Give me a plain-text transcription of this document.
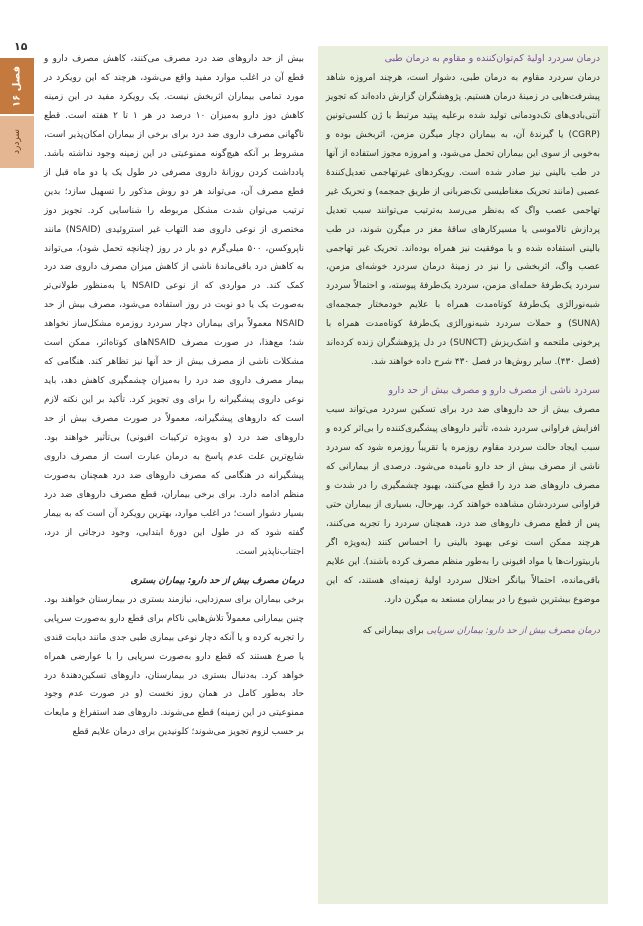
۱۵
فصل ۱۶
سردرد

بیش از حد داروهای ضد درد مصرف می‌کنند، کاهش مصرف دارو و قطع آن در اغلب موارد مفید واقع می‌شود، هرچند که این رویکرد در مورد تمامی بیماران اثربخش نیست. یک رویکرد مفید در این زمینه کاهش دوز دارو به‌میزان ۱۰ درصد در هر ۱ تا ۲ هفته است. قطع ناگهانی مصرف داروی ضد درد برای برخی از بیماران امکان‌پذیر است، مشروط بر آنکه هیچ‌گونه ممنوعیتی در این زمینه وجود نداشته باشد. پادداشت کردن روزانهٔ داروی مصرفی در طول یک یا دو ماه قبل از قطع مصرف آن، می‌تواند هر دو روش مذکور را تسهیل سازد؛ بدین ترتیب می‌توان شدت مشکل مربوطه را شناسایی کرد. تجویز دوز مختصری از نوعی داروی ضد التهاب غیر استروئیدی (NSAID) مانند ناپروکسن، ۵۰۰ میلی‌گرم دو بار در روز (چنانچه تحمل شود)، می‌تواند به کاهش درد باقی‌ماندهٔ ناشی از کاهش میزان مصرف داروی ضد درد کمک کند. در مواردی که از نوعی NSAID یا به‌منظور طولانی‌تر به‌صورت یک یا دو نوبت در روز استفاده می‌شود، مصرف بیش از حد NSAID معمولاً برای بیماران دچار سردرد روزمره مشکل‌ساز نخواهد شد؛ مع‌هذا، در صورت مصرف NSAIDهای کوتاه‌اثر، ممکن است مشکلات ناشی از مصرف بیش از حد آنها نیز تظاهر کند. هنگامی که بیمار مصرف داروی ضد درد را به‌میزان چشمگیری کاهش دهد، باید نوعی داروی پیشگیرانه را برای وی تجویز کرد. تأکید بر این نکته لازم است که داروهای پیشگیرانه، معمولاً در صورت مصرف بیش از حد داروهای ضد درد (و به‌ویژه ترکیبات افیونی) بی‌تأثیر خواهند بود. شایع‌ترین علت عدم پاسخ به درمان عبارت است از مصرف داروی پیشگیرانه در هنگامی که مصرف داروهای ضد درد همچنان به‌صورت منظم ادامه دارد. برای برخی بیماران، قطع مصرف داروهای ضد درد بسیار دشوار است؛ در اغلب موارد، بهترین رویکرد آن است که به بیمار گفته شود که در طول این دورهٔ ابتدایی، وجود درجاتی از درد، اجتناب‌ناپذیر است.

درمان مصرف بیش از حد دارو: بیماران بستری

برخی بیماران برای سم‌زدایی، نیازمند بستری در بیمارستان خواهند بود. چنین بیمارانی معمولاً تلاش‌هایی ناکام برای قطع دارو به‌صورت سرپایی را تجربه کرده و یا آنکه دچار نوعی بیماری طبی جدی مانند دیابت قندی یا صرع هستند که قطع دارو به‌صورت سرپایی را با عوارضی همراه خواهد کرد. به‌دنبال بستری در بیمارستان، داروهای تسکین‌دهندهٔ درد حاد به‌طور کامل در همان روز نخست (و در صورت عدم وجود ممنوعیتی در این زمینه) قطع می‌شوند. داروهای ضد استفراغ و مایعات بر حسب لزوم تجویز می‌شوند؛ کلونیدین برای درمان علایم قطع

درمان سردرد اولیهٔ کم‌توان‌کننده و مقاوم به درمان طبی

درمان سردرد مقاوم به درمان طبی، دشوار است، هرچند امروزه شاهد پیشرفت‌هایی در زمینهٔ درمان هستیم. پژوهشگران گزارش داده‌اند که تجویز آنتی‌بادی‌های تک‌دودمانی تولید شده برعلیه پپتید مرتبط با ژن کلسی‌تونین (CGRP) یا گیرندهٔ آن، به بیماران دچار میگرن مزمن، اثربخش بوده و به‌خوبی از سوی این بیماران تحمل می‌شود، و امروزه مجوز استفاده از آنها در طب بالینی نیز صادر شده است. رویکردهای غیرتهاجمی تعدیل‌کنندهٔ عصبی (مانند تحریک مغناطیسی تک‌ضربانی از طریق جمجمه) و تحریک غیر تهاجمی عصب واگ که به‌نظر می‌رسد به‌ترتیب می‌توانند سبب تعدیل پردازش تالاموسی یا مسیرکارهای ساقهٔ مغز در میگرن شوند، در طب بالینی استفاده شده و با موفقیت نیز همراه بوده‌اند. تحریک غیر تهاجمی عصب واگ، اثربخشی را نیز در زمینهٔ درمان سردرد خوشه‌ای مزمن، سردرد یک‌طرفهٔ حمله‌ای مزمن، سردرد یک‌طرفهٔ پیوسته، و احتمالاً سردرد شبه‌نورالژی یک‌طرفهٔ کوتاه‌مدت همراه با علایم خودمختار جمجمه‌ای (SUNA) و حملات سردرد شبه‌نورالژی یک‌طرفهٔ کوتاه‌مدت همراه با پرخونی ملتحمه و اشک‌ریزش (SUNCT) در دل پژوهشگران زنده کرده‌اند (فصل ۴۳۰). سایر روش‌ها در فصل ۴۳۰ شرح داده خواهند شد.

سردرد ناشی از مصرف دارو و مصرف بیش از حد دارو

مصرف بیش از حد داروهای ضد درد برای تسکین سردرد می‌تواند سبب افزایش فراوانی سردرد شده، تأثیر داروهای پیشگیری‌کننده را بی‌اثر کرده و سبب ایجاد حالت سردرد مقاوم روزمره یا تقریباً روزمره شود که سردرد ناشی از مصرف بیش از حد دارو نامیده می‌شود. درصدی از بیمارانی که مصرف داروهای ضد درد را قطع می‌کنند، بهبود چشمگیری را در شدت و فراوانی سردردشان مشاهده خواهند کرد. بهرحال، بسیاری از بیماران حتی پس از قطع مصرف داروهای ضد درد، همچنان سردرد را تجربه می‌کنند، هرچند ممکن است نوعی بهبود بالینی را احساس کنند (به‌ویژه اگر باربیتورات‌ها یا مواد افیونی را به‌طور منظم مصرف کرده باشند). این علایم باقی‌مانده، احتمالاً بیانگر اختلال سردرد اولیهٔ زمینه‌ای هستند، که این موضوع بیشترین شیوع را در بیماران مستعد به میگرن دارد.

درمان مصرف بیش از حد دارو: بیماران سرپایی برای بیمارانی که
